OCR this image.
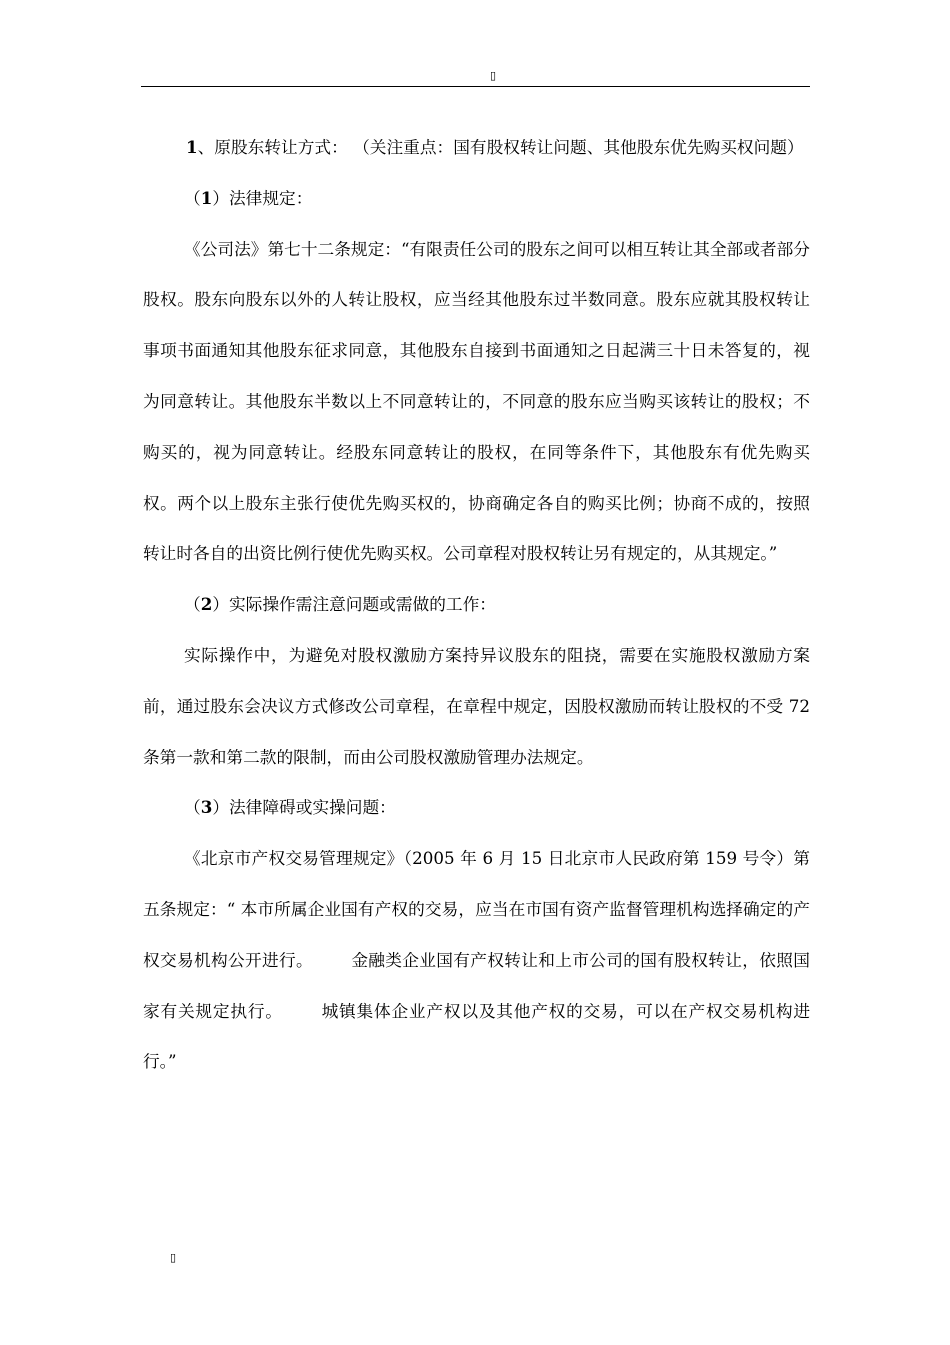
▯

1、原股东转让方式： （关注重点：国有股权转让问题、其他股东优先购买权问题）

（1）法律规定：

《公司法》第七十二条规定：“有限责任公司的股东之间可以相互转让其全部或者部分股权。股东向股东以外的人转让股权，应当经其他股东过半数同意。股东应就其股权转让事项书面通知其他股东征求同意，其他股东自接到书面通知之日起满三十日未答复的，视为同意转让。其他股东半数以上不同意转让的，不同意的股东应当购买该转让的股权；不购买的，视为同意转让。经股东同意转让的股权，在同等条件下，其他股东有优先购买权。两个以上股东主张行使优先购买权的，协商确定各自的购买比例；协商不成的，按照转让时各自的出资比例行使优先购买权。公司章程对股权转让另有规定的，从其规定。”

（2）实际操作需注意问题或需做的工作：

实际操作中，为避免对股权激励方案持异议股东的阻挠，需要在实施股权激励方案前，通过股东会决议方式修改公司章程，在章程中规定，因股权激励而转让股权的不受 72 条第一款和第二款的限制，而由公司股权激励管理办法规定。

（3）法律障碍或实操问题：

《北京市产权交易管理规定》（2005 年 6 月 15 日北京市人民政府第 159 号令）第五条规定：“ 本市所属企业国有产权的交易，应当在市国有资产监督管理机构选择确定的产权交易机构公开进行。 金融类企业国有产权转让和上市公司的国有股权转让，依照国家有关规定执行。 城镇集体企业产权以及其他产权的交易，可以在产权交易机构进行。”

▯
